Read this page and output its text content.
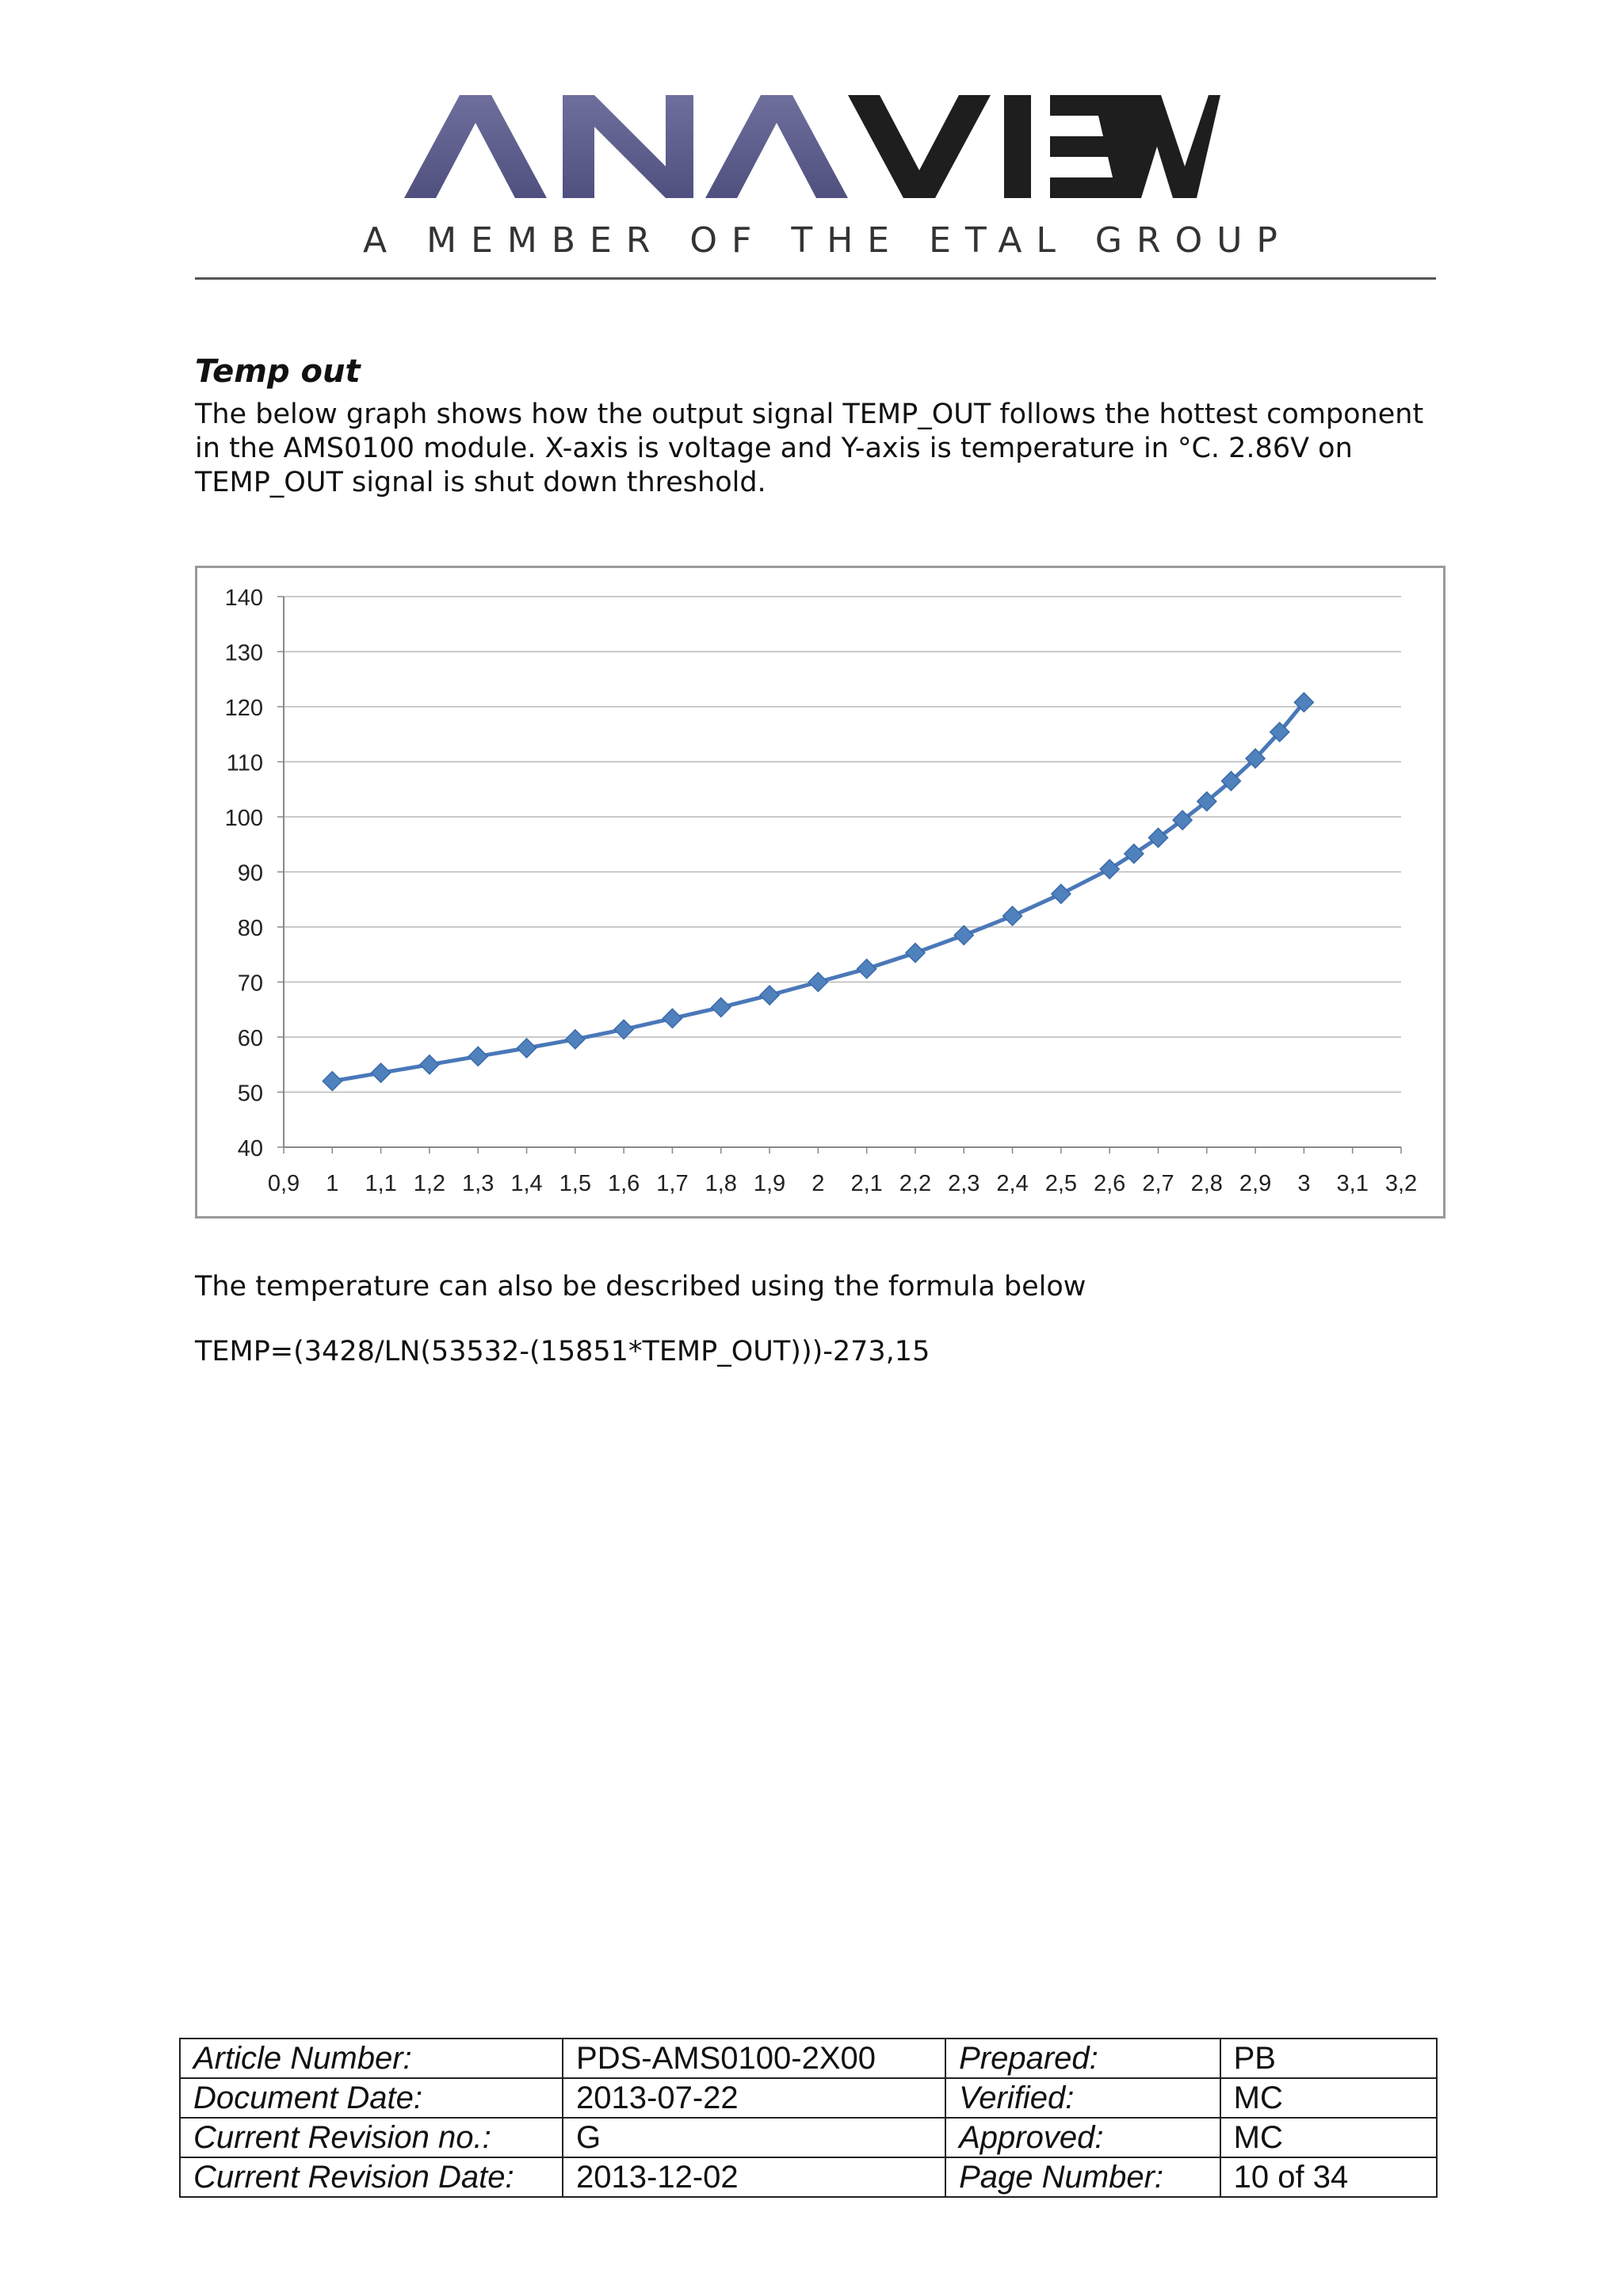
A MEMBER OF THE ETAL GROUP
Temp out
The below graph shows how the output signal TEMP_OUT follows the hottest component in the AMS0100 module. X-axis is voltage and Y-axis is temperature in °C. 2.86V on TEMP_OUT signal is shut down threshold.
40
50
60
70
80
90
100
110
120
130
140
0,9 1 1,1 1,2 1,3 1,4 1,5 1,6 1,7 1,8 1,9 2 2,1 2,2 2,3 2,4 2,5 2,6 2,7 2,8 2,9 3 3,1 3,2
The temperature can also be described using the formula below
TEMP=(3428/LN(53532-(15851*TEMP_OUT)))-273,15
Article Number:	PDS-AMS0100-2X00	Prepared:	PB
Document Date:	2013-07-22	Verified:	MC
Current Revision no.:	G	Approved:	MC
Current Revision Date:	2013-12-02	Page Number:	10 of 34
